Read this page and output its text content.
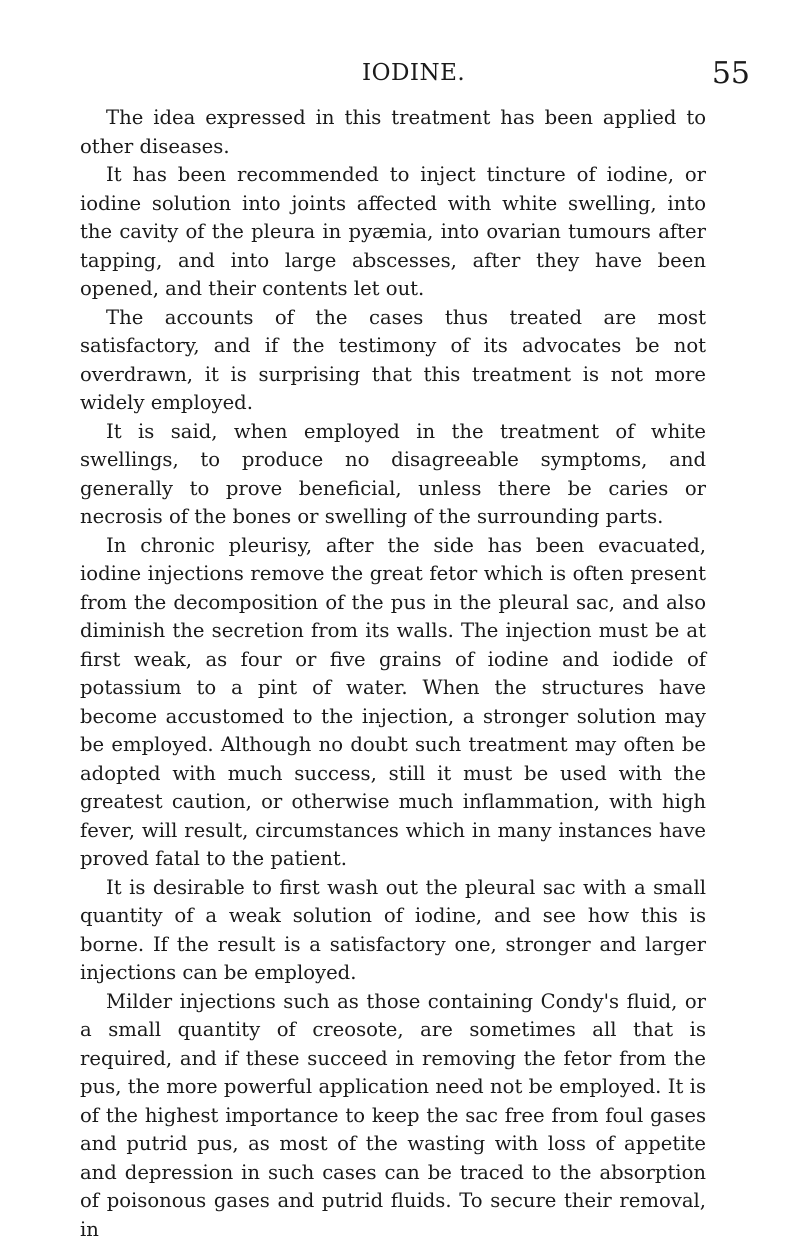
IODINE.	55

The idea expressed in this treatment has been applied to other diseases.

It has been recommended to inject tincture of iodine, or iodine solution into joints affected with white swelling, into the cavity of the pleura in pyæmia, into ovarian tumours after tapping, and into large abscesses, after they have been opened, and their contents let out.

The accounts of the cases thus treated are most satisfactory, and if the testimony of its advocates be not overdrawn, it is surprising that this treatment is not more widely employed.

It is said, when employed in the treatment of white swellings, to produce no disagreeable symptoms, and generally to prove beneficial, unless there be caries or necrosis of the bones or swelling of the surrounding parts.

In chronic pleurisy, after the side has been evacuated, iodine injections remove the great fetor which is often present from the decomposition of the pus in the pleural sac, and also diminish the secretion from its walls. The injection must be at first weak, as four or five grains of iodine and iodide of potassium to a pint of water. When the structures have become accustomed to the injection, a stronger solution may be employed. Although no doubt such treatment may often be adopted with much success, still it must be used with the greatest caution, or otherwise much inflammation, with high fever, will result, circumstances which in many instances have proved fatal to the patient.

It is desirable to first wash out the pleural sac with a small quantity of a weak solution of iodine, and see how this is borne. If the result is a satisfactory one, stronger and larger injections can be employed.

Milder injections such as those containing Condy's fluid, or a small quantity of creosote, are sometimes all that is required, and if these succeed in removing the fetor from the pus, the more powerful application need not be employed. It is of the highest importance to keep the sac free from foul gases and putrid pus, as most of the wasting with loss of appetite and depression in such cases can be traced to the absorption of poisonous gases and putrid fluids. To secure their removal, in
